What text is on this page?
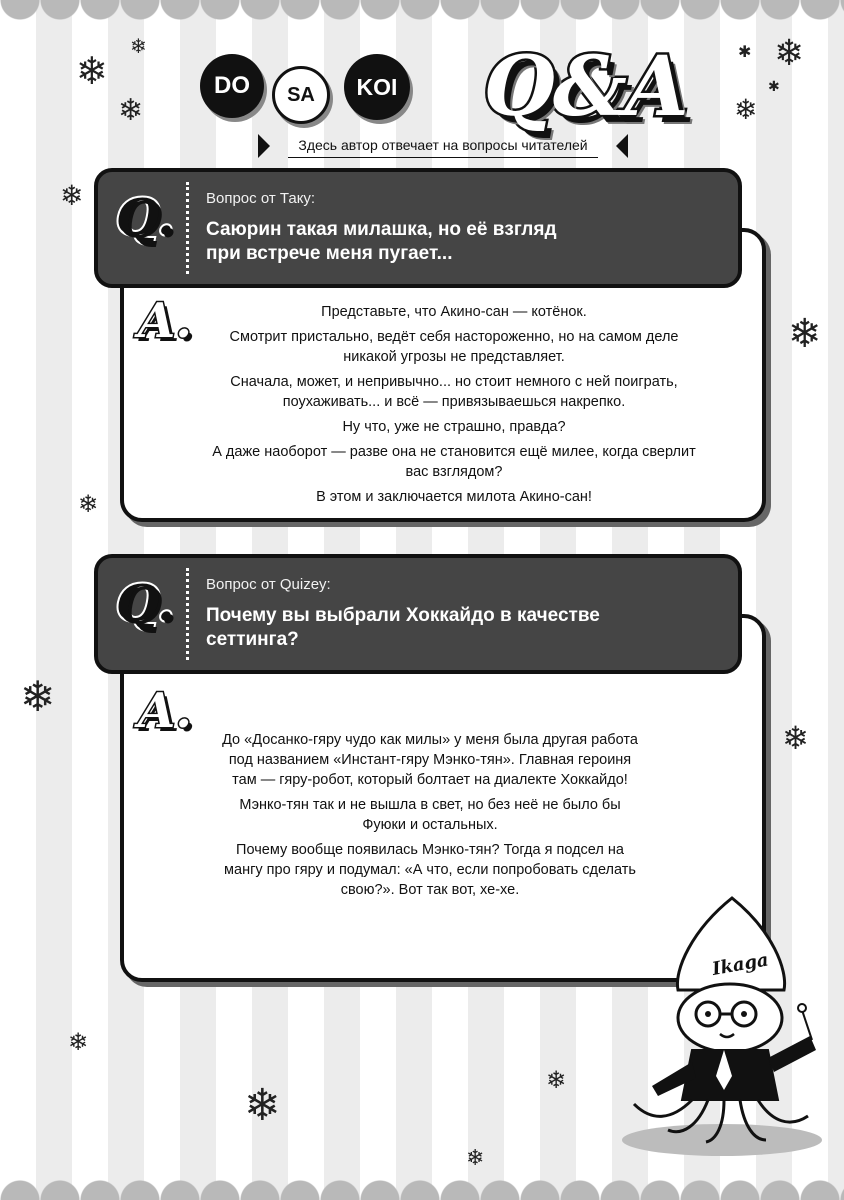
❄
❄
❄
✱ ❄
✱
❄
❄
❄
❄
❄
❄
❄
❄
❄
❄
DO SA KOI	Q&A
Здесь автор отвечает на вопросы читателей
A.	Представьте, что Акино-сан — котёнок.

Смотрит пристально, ведёт себя настороженно, но на самом деле никакой угрозы не представляет.

Сначала, может, и непривычно... но стоит немного с ней поиграть, поухаживать... и всё — привязываешься накрепко.

Ну что, уже не страшно, правда?

А даже наоборот — разве она не становится ещё милее, когда сверлит вас взглядом?

В этом и заключается милота Акино-сан!

Q.	Вопрос от Таку:
Саюрин такая милашка, но её взгляд
при встрече меня пугает...
A.

До «Досанко-гяру чудо как милы» у меня была другая работа под названием «Инстант-гяру Мэнко-тян». Главная героиня там — гяру-робот, который болтает на диалекте Хоккайдо!

Мэнко-тян так и не вышла в свет, но без неё не было бы Фуюки и остальных.

Почему вообще появилась Мэнко-тян? Тогда я подсел на мангу про гяру и подумал: «А что, если попробовать сделать свою?». Вот так вот, хе-хе.

Q.	Вопрос от Quizey:
Почему вы выбрали Хоккайдо в качестве
сеттинга?
Ikaga
